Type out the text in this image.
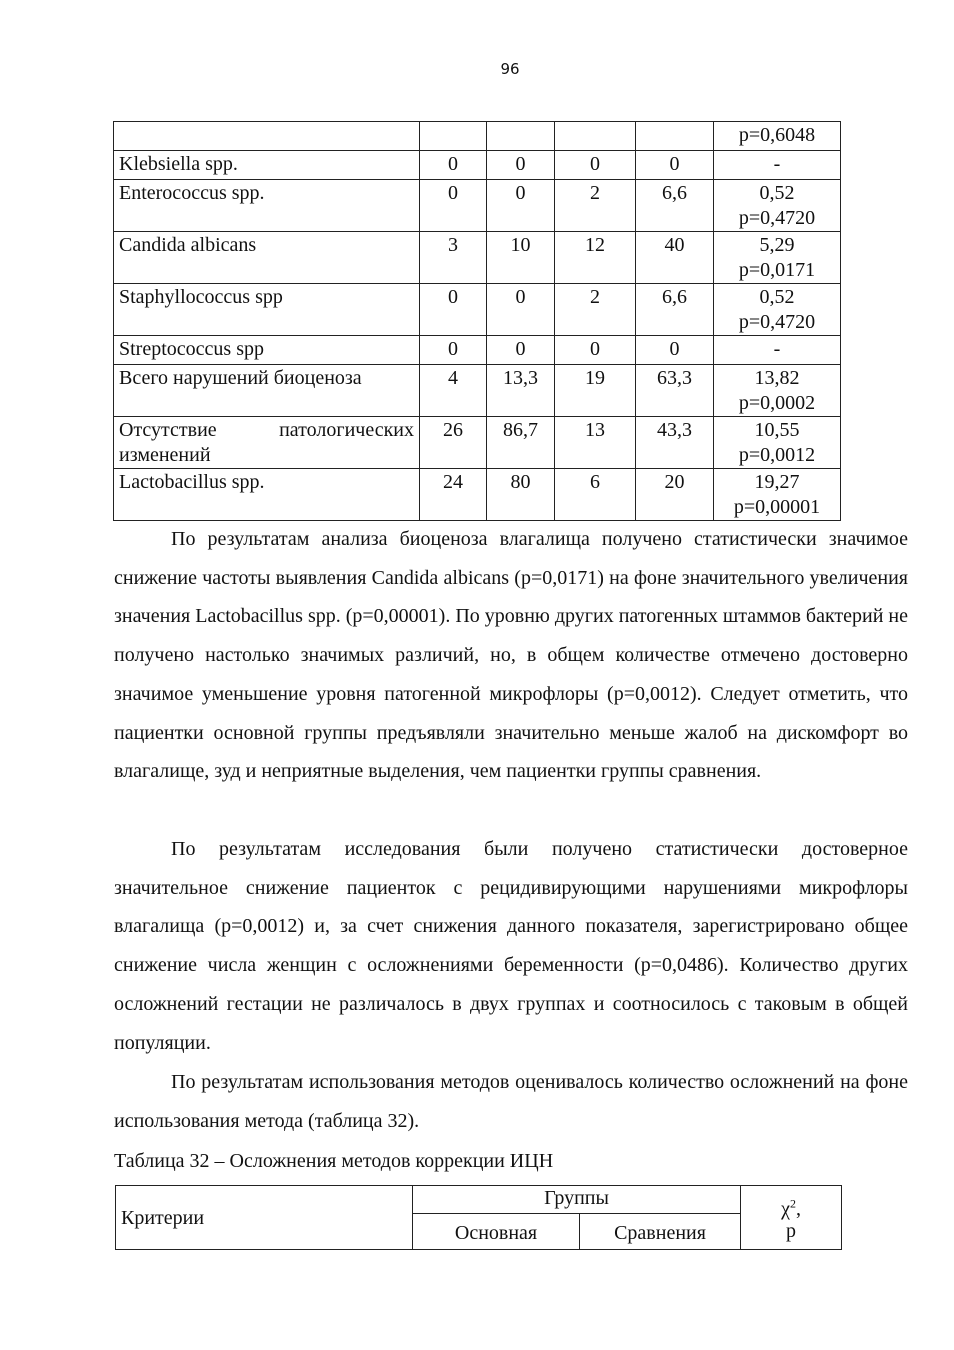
96

					p=0,6048

Klebsiella spp.	0	0	0	0	-

Enterococcus spp.	0	0	2	6,6	0,52
p=0,4720

Candida albicans	3	10	12	40	5,29
p=0,0171

Staphyllococcus spp	0	0	2	6,6	0,52
p=0,4720

Streptococcus spp	0	0	0	0	-

Всего нарушений биоценоза	4	13,3	19	63,3	13,82
p=0,0002

Отсутствие патологических изменений	26	86,7	13	43,3	10,55
p=0,0012

Lactobacillus spp.	24	80	6	20	19,27
p=0,00001

По результатам анализа биоценоза влагалища получено статистически значимое снижение частоты выявления Candida albicans (p=0,0171) на фоне значительного увеличения значения Lactobacillus spp. (p=0,00001). По уровню других патогенных штаммов бактерий не получено настолько значимых различий, но, в общем количестве отмечено достоверно значимое уменьшение уровня патогенной микрофлоры (p=0,0012). Следует отметить, что пациентки основной группы предъявляли значительно меньше жалоб на дискомфорт во влагалище, зуд и неприятные выделения, чем пациентки группы сравнения.

По результатам исследования были получено статистически достоверное значительное снижение пациенток с рецидивирующими нарушениями микрофлоры влагалища (p=0,0012) и, за счет снижения данного показателя, зарегистрировано общее снижение числа женщин с осложнениями беременности (p=0,0486). Количество других осложнений гестации не различалось в двух группах и соотносилось с таковым в общей популяции.

По результатам использования методов оценивалось количество осложнений на фоне использования метода (таблица 32).

Таблица 32 – Осложнения методов коррекции ИЦН
Критерии	Группы		$\chi^2$,
p
	Основная	Сравнения	
